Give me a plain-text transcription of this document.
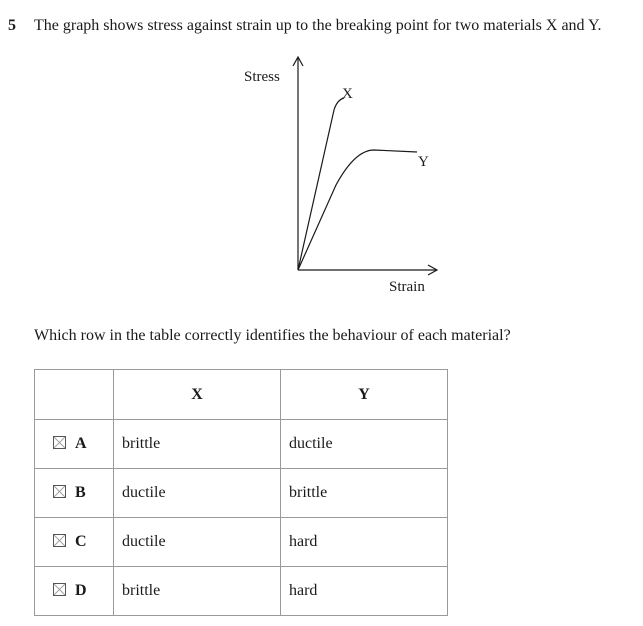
5 The graph shows stress against strain up to the breaking point for two materials X and Y.
Stress
Strain
X
Y
Which row in the table correctly identifies the behaviour of each material?
	X	Y
A	brittle	ductile
B	ductile	brittle
C	ductile	hard
D	brittle	hard
